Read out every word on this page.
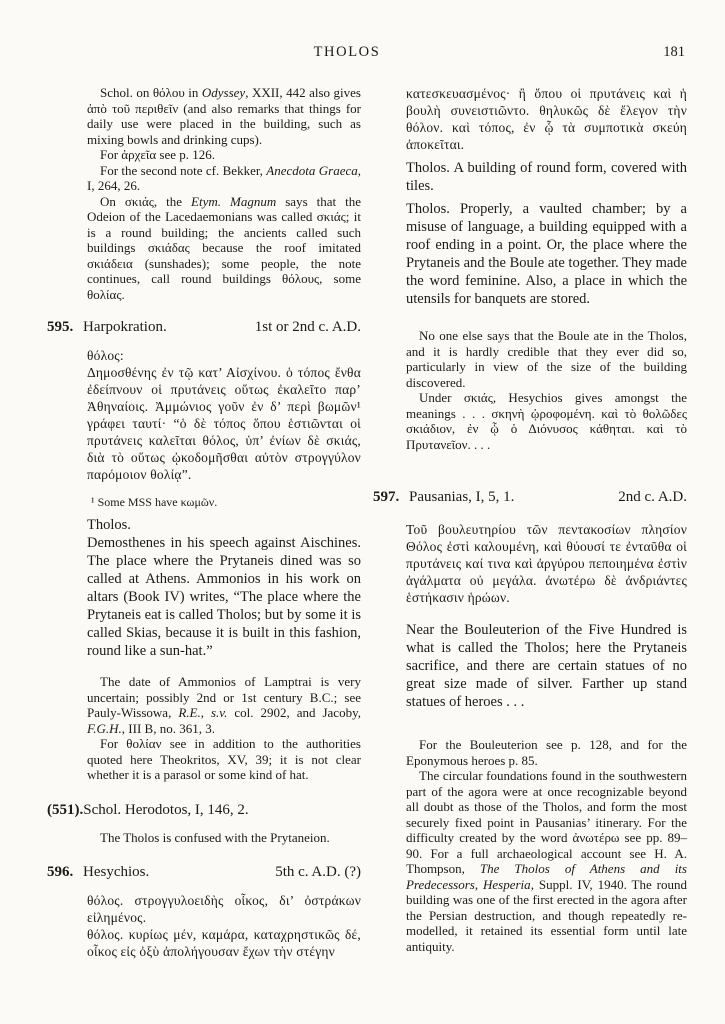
THOLOS	181

Schol. on θόλου in Odyssey, XXII, 442 also gives ἀπὸ τοῦ περιθεῖν (and also remarks that things for daily use were placed in the building, such as mixing bowls and drinking cups).

For ἀρχεῖα see p. 126.

For the second note cf. Bekker, Anecdota Graeca, I, 264, 26.

On σκιάς, the Etym. Magnum says that the Odeion of the Lacedaemonians was called σκιάς; it is a round building; the ancients called such buildings σκιάδας because the roof imitated σκιάδεια (sunshades); some people, the note continues, call round buildings θόλους, some θολίας.

595. Harpokration.	1st or 2nd c. A.D.

θόλος:

Δημοσθένης ἐν τῷ κατ’ Αἰσχίνου. ὁ τόπος ἔνθα ἐδείπνουν οἱ πρυτάνεις οὕτως ἐκαλεῖτο παρ’ Ἀθηναίοις. Ἀμμώνιος γοῦν ἐν δ’ περὶ βωμῶν¹ γράφει ταυτί· “ὁ δὲ τόπος ὅπου ἑστιῶνται οἱ πρυτάνεις καλεῖται θόλος, ὑπ’ ἐνίων δὲ σκιάς, διὰ τὸ οὕτως ᾠκοδομῆσθαι αὐτὸν στρογγύλον παρόμοιον θολίᾳ”.

¹ Some MSS have κωμῶν.

Tholos.

Demosthenes in his speech against Aischines. The place where the Prytaneis dined was so called at Athens. Ammonios in his work on altars (Book IV) writes, “The place where the Prytaneis eat is called Tholos; but by some it is called Skias, because it is built in this fashion, round like a sun-hat.”

The date of Ammonios of Lamptrai is very uncertain; possibly 2nd or 1st century B.C.; see Pauly-Wissowa, R.E., s.v. col. 2902, and Jacoby, F.G.H., III B, no. 361, 3.

For θολίαν see in addition to the authorities quoted here Theokritos, XV, 39; it is not clear whether it is a parasol or some kind of hat.

(551).Schol. Herodotos, I, 146, 2.

The Tholos is confused with the Prytaneion.

596. Hesychios.	5th c. A.D. (?)

θόλος. στρογγυλοειδὴς οἶκος, δι’ ὀστράκων εἰλημένος.

θόλος. κυρίως μέν, καμάρα, καταχρηστικῶς δέ, οἶκος εἰς ὀξὺ ἀπολήγουσαν ἔχων τὴν στέγην

κατεσκευασμένος· ἢ ὅπου οἱ πρυτάνεις καὶ ἡ βουλὴ συνειστιῶντο. θηλυκῶς δὲ ἔλεγον τὴν θόλον. καὶ τόπος, ἐν ᾧ τὰ συμποτικὰ σκεύη ἀποκεῖται.

Tholos. A building of round form, covered with tiles.

Tholos. Properly, a vaulted chamber; by a misuse of language, a building equipped with a roof ending in a point. Or, the place where the Prytaneis and the Boule ate together. They made the word feminine. Also, a place in which the utensils for banquets are stored.

No one else says that the Boule ate in the Tholos, and it is hardly credible that they ever did so, particularly in view of the size of the building discovered.

Under σκιάς, Hesychios gives amongst the meanings . . . σκηνὴ ᾠροφομένη. καὶ τὸ θολῶδες σκιάδιον, ἐν ᾧ ὁ Διόνυσος κάθηται. καὶ τὸ Πρυτανεῖον. . . .

597. Pausanias, I, 5, 1.	2nd c. A.D.

Τοῦ βουλευτηρίου τῶν πεντακοσίων πλησίον Θόλος ἐστὶ καλουμένη, καὶ θύουσί τε ἐνταῦθα οἱ πρυτάνεις καί τινα καὶ ἀργύρου πεποιημένα ἐστὶν ἀγάλματα οὐ μεγάλα. ἀνωτέρω δὲ ἀνδριάντες ἑστήκασιν ἡρώων.

Near the Bouleuterion of the Five Hundred is what is called the Tholos; here the Prytaneis sacrifice, and there are certain statues of no great size made of silver. Farther up stand statues of heroes . . .

For the Bouleuterion see p. 128, and for the Eponymous heroes p. 85.

The circular foundations found in the southwestern part of the agora were at once recognizable beyond all doubt as those of the Tholos, and form the most securely fixed point in Pausanias’ itinerary. For the difficulty created by the word ἀνωτέρω see pp. 89–90. For a full archaeological account see H. A. Thompson, The Tholos of Athens and its Predecessors, Hesperia, Suppl. IV, 1940. The round building was one of the first erected in the agora after the Persian destruction, and though repeatedly re-modelled, it retained its essential form until late antiquity.
